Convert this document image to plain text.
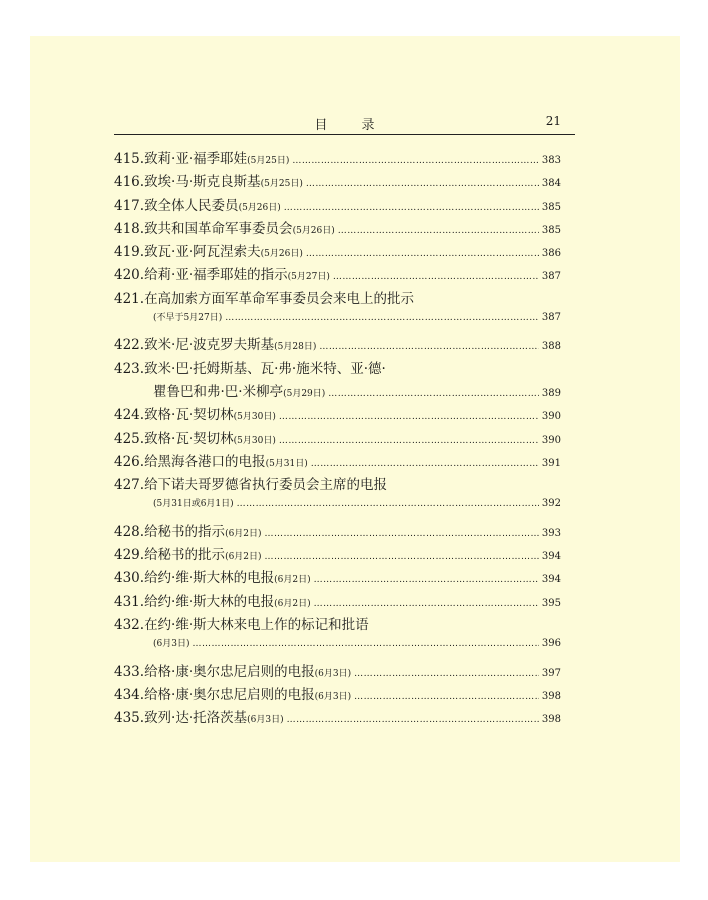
目录	21
415. 致莉·亚·福季耶娃 (5月25日) …………………………………………………………………………………………………………………………………………………………………………	383
416. 致埃·马·斯克良斯基 (5月25日) …………………………………………………………………………………………………………………………………………………………………………	384
417. 致全体人民委员 (5月26日) …………………………………………………………………………………………………………………………………………………………………………	385
418. 致共和国革命军事委员会 (5月26日) …………………………………………………………………………………………………………………………………………………………………………	385
419. 致瓦·亚·阿瓦涅索夫 (5月26日) …………………………………………………………………………………………………………………………………………………………………………	386
420. 给莉·亚·福季耶娃的指示 (5月27日) …………………………………………………………………………………………………………………………………………………………………………	387
421. 在高加索方面军革命军事委员会来电上的批示
(不早于5月27日) …………………………………………………………………………………………………………………………………………………………………………	387
422. 致米·尼·波克罗夫斯基 (5月28日) …………………………………………………………………………………………………………………………………………………………………………	388
423. 致米·巴·托姆斯基、瓦·弗·施米特、亚·德·
瞿鲁巴和弗·巴·米柳亭 (5月29日) …………………………………………………………………………………………………………………………………………………………………………	389
424. 致格·瓦·契切林 (5月30日) …………………………………………………………………………………………………………………………………………………………………………	390
425. 致格·瓦·契切林 (5月30日) …………………………………………………………………………………………………………………………………………………………………………	390
426. 给黑海各港口的电报 (5月31日) …………………………………………………………………………………………………………………………………………………………………………	391
427. 给下诺夫哥罗德省执行委员会主席的电报
(5月31日或6月1日) …………………………………………………………………………………………………………………………………………………………………………	392
428. 给秘书的指示 (6月2日) …………………………………………………………………………………………………………………………………………………………………………	393
429. 给秘书的批示 (6月2日) …………………………………………………………………………………………………………………………………………………………………………	394
430. 给约·维·斯大林的电报 (6月2日) …………………………………………………………………………………………………………………………………………………………………………	394
431. 给约·维·斯大林的电报 (6月2日) …………………………………………………………………………………………………………………………………………………………………………	395
432. 在约·维·斯大林来电上作的标记和批语
(6月3日) …………………………………………………………………………………………………………………………………………………………………………	396
433. 给格·康·奥尔忠尼启则的电报 (6月3日) …………………………………………………………………………………………………………………………………………………………………………	397
434. 给格·康·奥尔忠尼启则的电报 (6月3日) …………………………………………………………………………………………………………………………………………………………………………	398
435. 致列·达·托洛茨基 (6月3日) …………………………………………………………………………………………………………………………………………………………………………	398
